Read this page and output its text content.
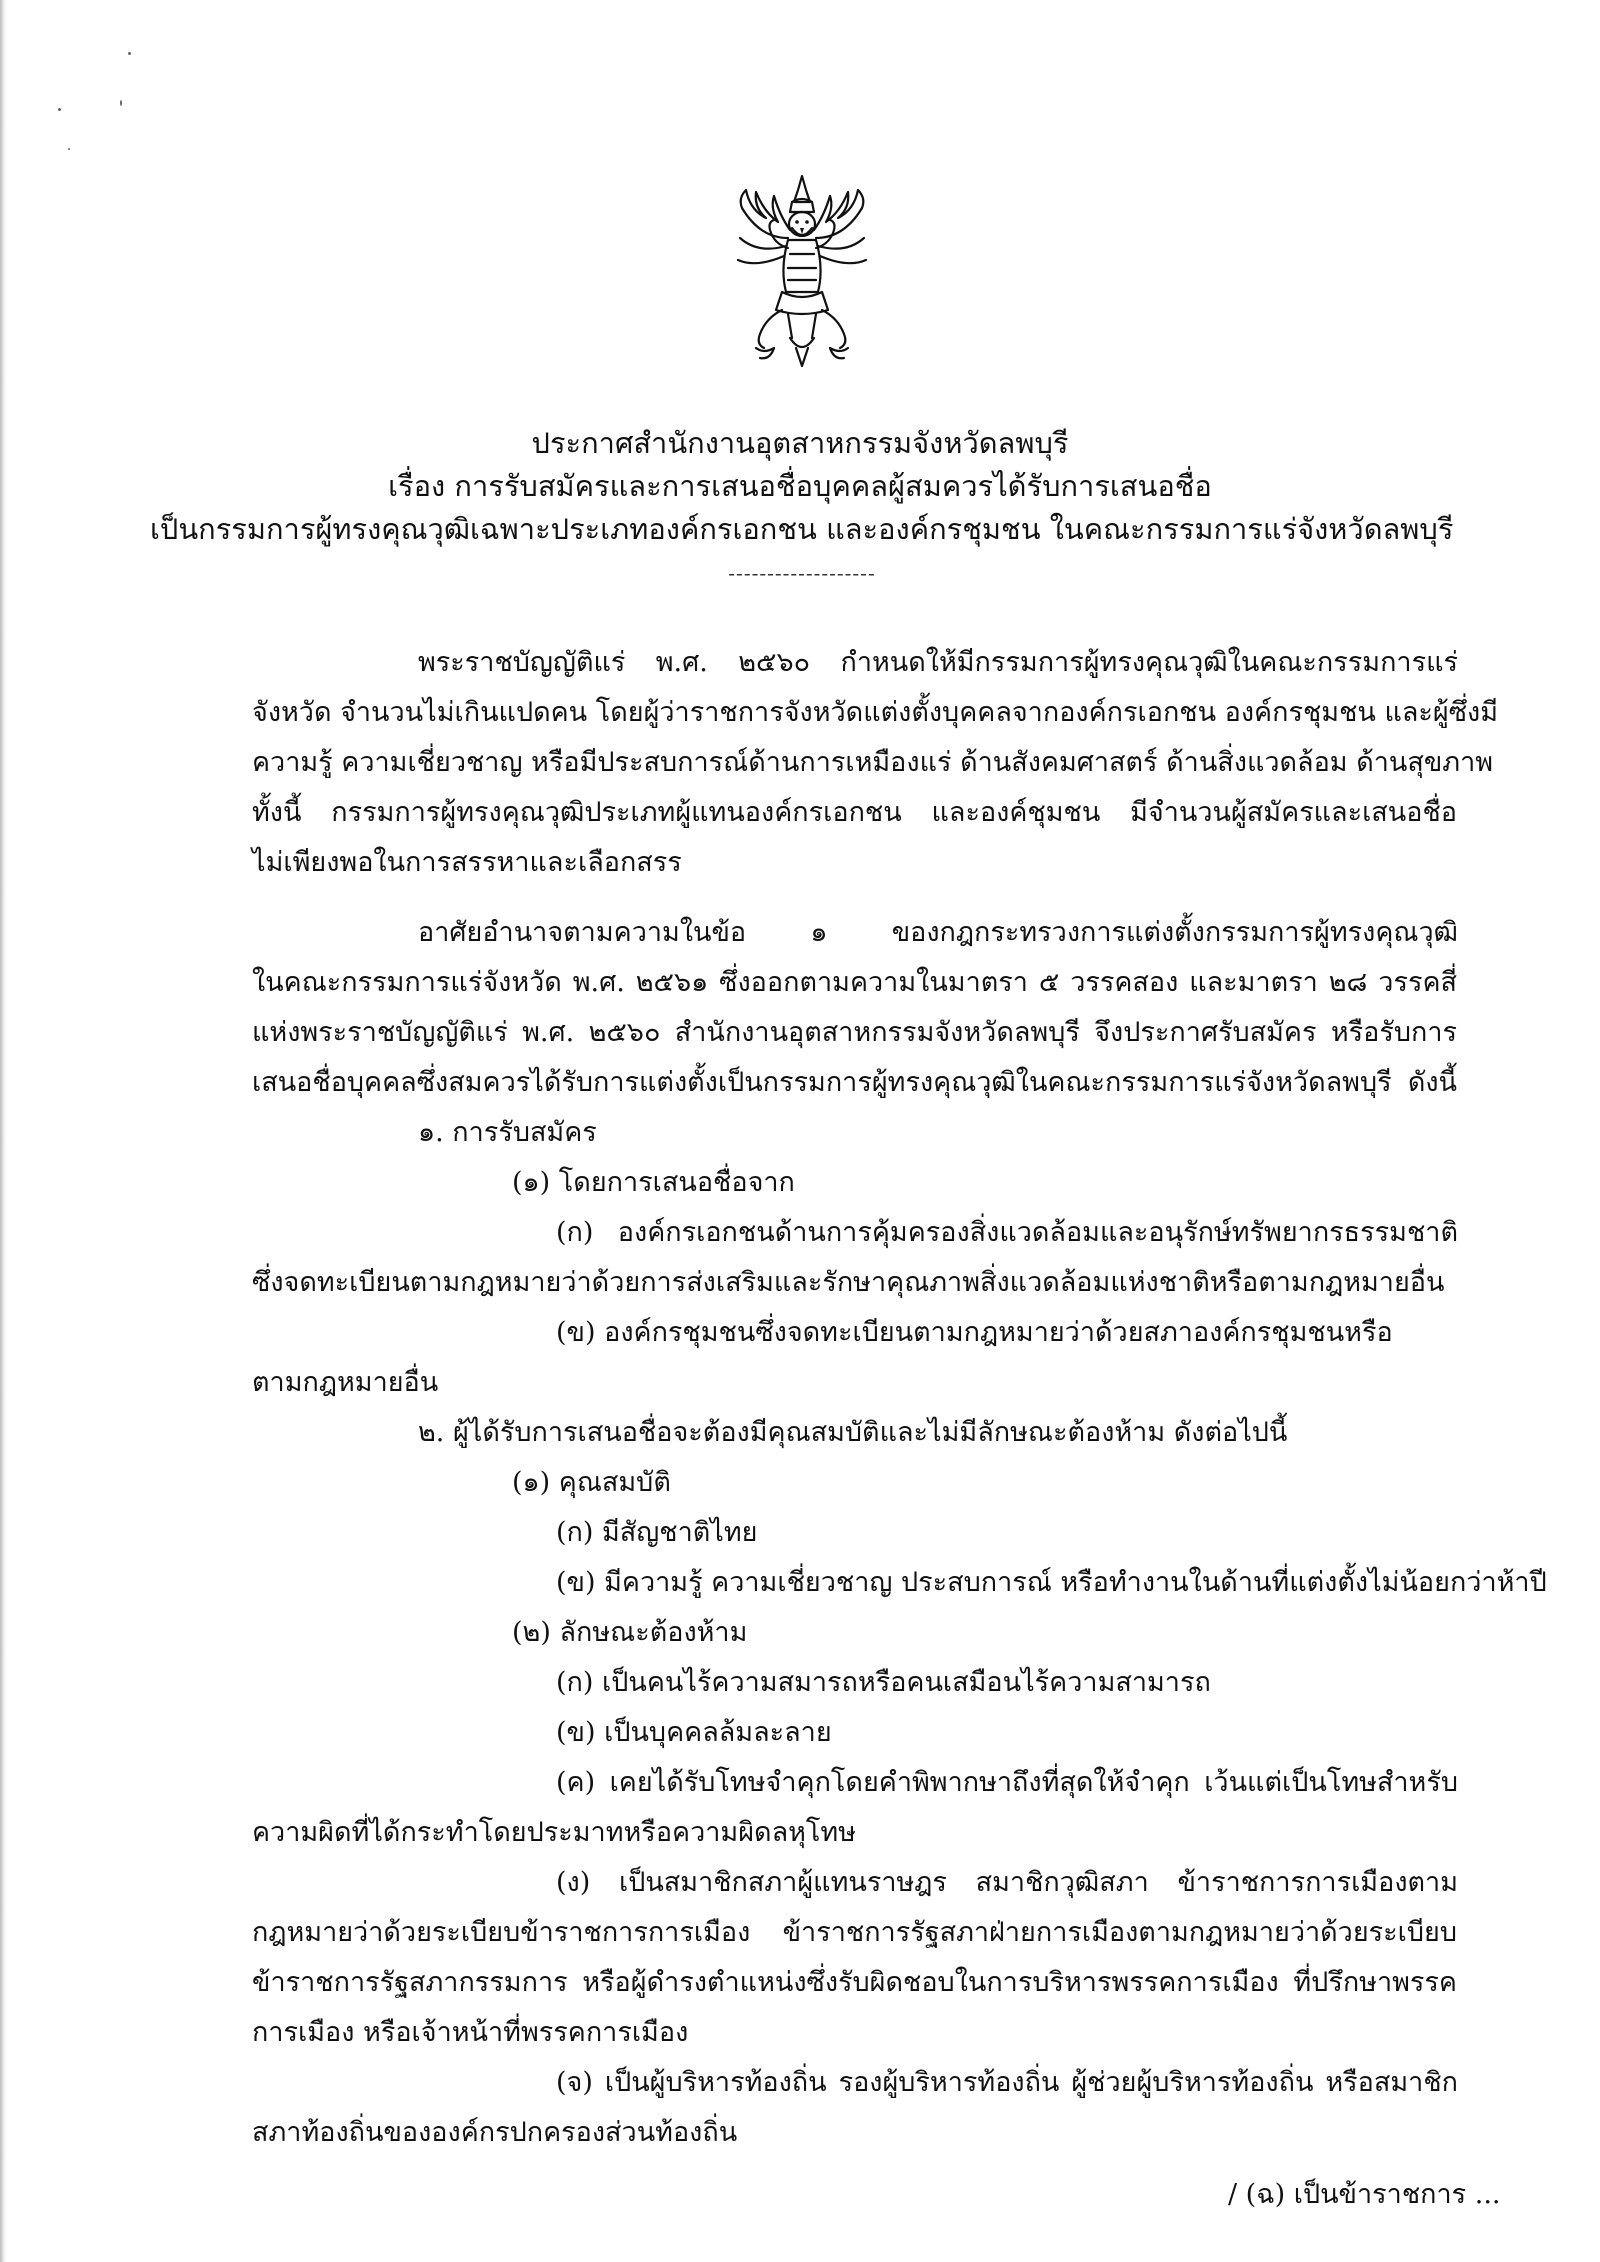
ประกาศสำนักงานอุตสาหกรรมจังหวัดลพบุรี
เรื่อง การรับสมัครและการเสนอชื่อบุคคลผู้สมควรได้รับการเสนอชื่อ
เป็นกรรมการผู้ทรงคุณวุฒิเฉพาะประเภทองค์กรเอกชน และองค์กรชุมชน ในคณะกรรมการแร่จังหวัดลพบุรี
-------------------
พระราชบัญญัติแร่ พ.ศ. ๒๕๖๐ กำหนดให้มีกรรมการผู้ทรงคุณวุฒิในคณะกรรมการแร่
จังหวัด จำนวนไม่เกินแปดคน โดยผู้ว่าราชการจังหวัดแต่งตั้งบุคคลจากองค์กรเอกชน องค์กรชุมชน และผู้ซึ่งมี
ความรู้ ความเชี่ยวชาญ หรือมีประสบการณ์ด้านการเหมืองแร่ ด้านสังคมศาสตร์ ด้านสิ่งแวดล้อม ด้านสุขภาพ
ทั้งนี้ กรรมการผู้ทรงคุณวุฒิประเภทผู้แทนองค์กรเอกชน และองค์ชุมชน มีจำนวนผู้สมัครและเสนอชื่อ
ไม่เพียงพอในการสรรหาและเลือกสรร
อาศัยอำนาจตามความในข้อ ๑ ของกฎกระทรวงการแต่งตั้งกรรมการผู้ทรงคุณวุฒิ
ในคณะกรรมการแร่จังหวัด พ.ศ. ๒๕๖๑ ซึ่งออกตามความในมาตรา ๕ วรรคสอง และมาตรา ๒๘ วรรคสี่
แห่งพระราชบัญญัติแร่ พ.ศ. ๒๕๖๐ สำนักงานอุตสาหกรรมจังหวัดลพบุรี จึงประกาศรับสมัคร หรือรับการ
เสนอชื่อบุคคลซึ่งสมควรได้รับการแต่งตั้งเป็นกรรมการผู้ทรงคุณวุฒิในคณะกรรมการแร่จังหวัดลพบุรี ดังนี้
๑. การรับสมัคร
(๑) โดยการเสนอชื่อจาก
(ก) องค์กรเอกชนด้านการคุ้มครองสิ่งแวดล้อมและอนุรักษ์ทรัพยากรธรรมชาติ
ซึ่งจดทะเบียนตามกฎหมายว่าด้วยการส่งเสริมและรักษาคุณภาพสิ่งแวดล้อมแห่งชาติหรือตามกฎหมายอื่น
(ข) องค์กรชุมชนซึ่งจดทะเบียนตามกฎหมายว่าด้วยสภาองค์กรชุมชนหรือ
ตามกฎหมายอื่น
๒. ผู้ได้รับการเสนอชื่อจะต้องมีคุณสมบัติและไม่มีลักษณะต้องห้าม ดังต่อไปนี้
(๑) คุณสมบัติ
(ก) มีสัญชาติไทย
(ข) มีความรู้ ความเชี่ยวชาญ ประสบการณ์ หรือทำงานในด้านที่แต่งตั้งไม่น้อยกว่าห้าปี
(๒) ลักษณะต้องห้าม
(ก) เป็นคนไร้ความสมารถหรือคนเสมือนไร้ความสามารถ
(ข) เป็นบุคคลล้มละลาย
(ค) เคยได้รับโทษจำคุกโดยคำพิพากษาถึงที่สุดให้จำคุก เว้นแต่เป็นโทษสำหรับ
ความผิดที่ได้กระทำโดยประมาทหรือความผิดลหุโทษ
(ง) เป็นสมาชิกสภาผู้แทนราษฎร สมาชิกวุฒิสภา ข้าราชการการเมืองตาม
กฎหมายว่าด้วยระเบียบข้าราชการการเมือง ข้าราชการรัฐสภาฝ่ายการเมืองตามกฎหมายว่าด้วยระเบียบ
ข้าราชการรัฐสภากรรมการ หรือผู้ดำรงตำแหน่งซึ่งรับผิดชอบในการบริหารพรรคการเมือง ที่ปรึกษาพรรค
การเมือง หรือเจ้าหน้าที่พรรคการเมือง
(จ) เป็นผู้บริหารท้องถิ่น รองผู้บริหารท้องถิ่น ผู้ช่วยผู้บริหารท้องถิ่น หรือสมาชิก
สภาท้องถิ่นขององค์กรปกครองส่วนท้องถิ่น
/ (ฉ) เป็นข้าราชการ ...
